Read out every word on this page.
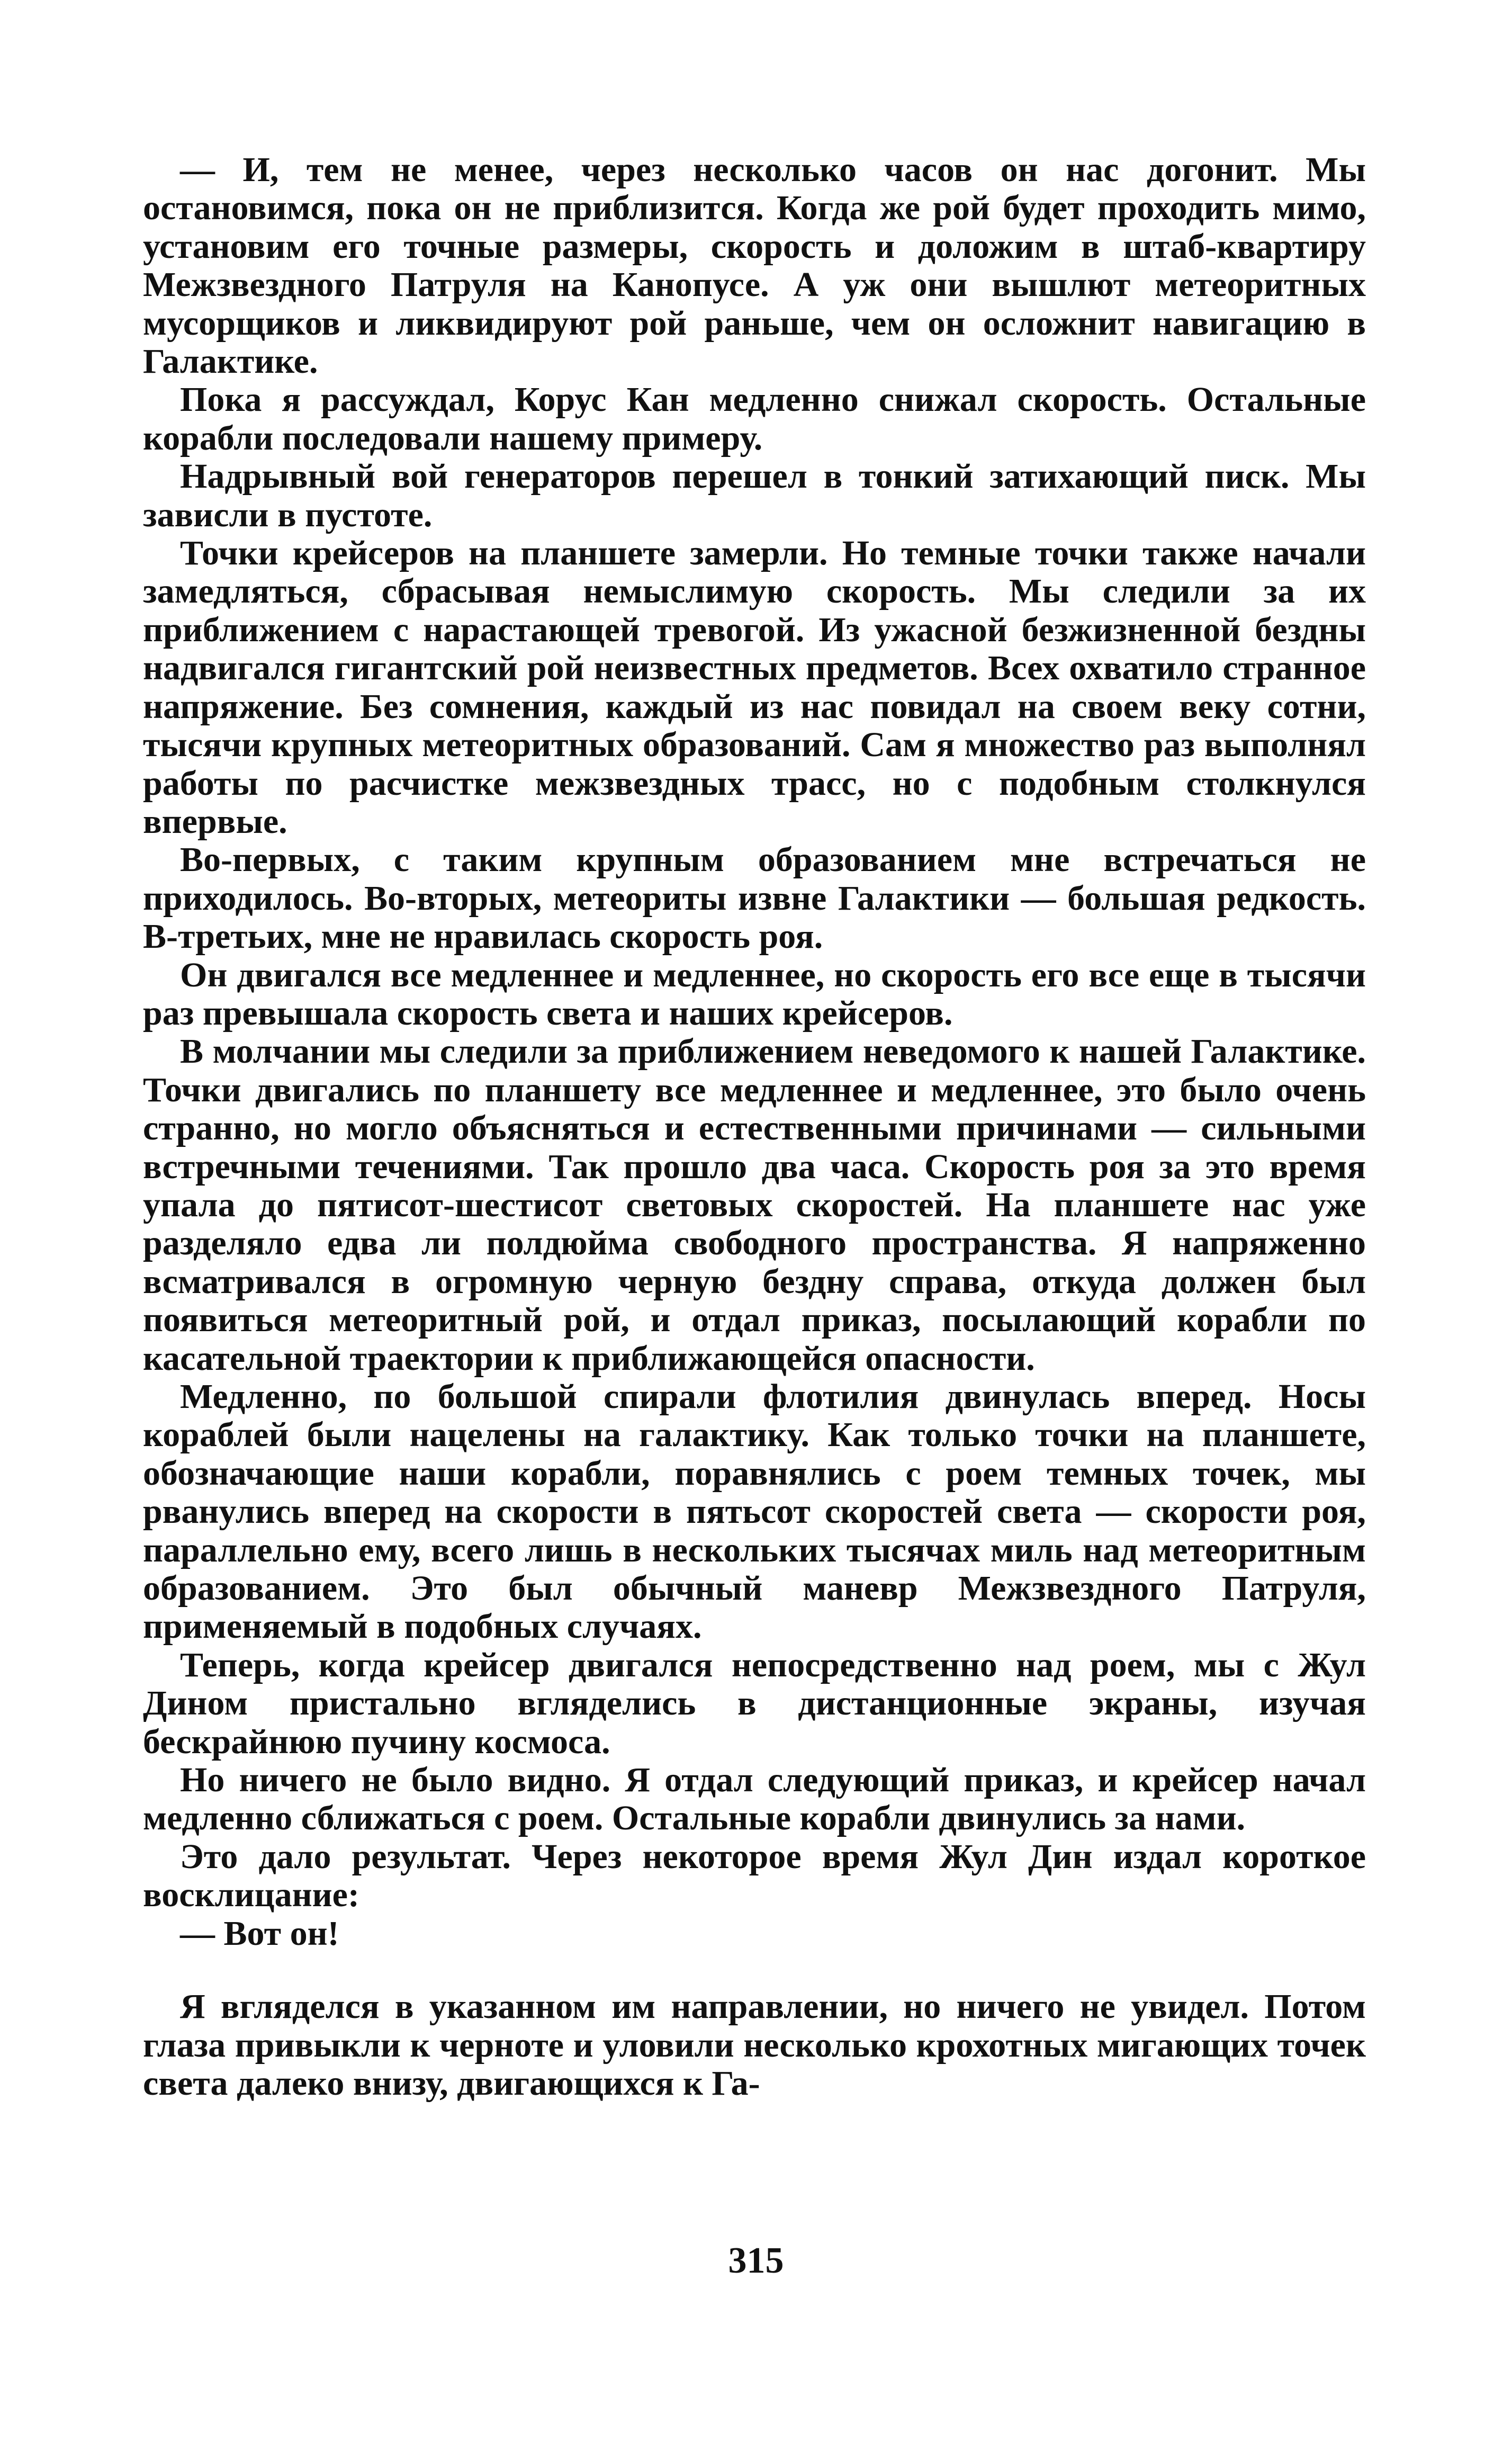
— И, тем не менее, через несколько часов он нас догонит. Мы остановимся, пока он не приблизится. Когда же рой будет проходить мимо, установим его точные размеры, скорость и доложим в штаб-квартиру Межзвездного Патруля на Канопусе. А уж они вышлют метеоритных мусорщиков и ликвидируют рой раньше, чем он осложнит навигацию в Галактике.

Пока я рассуждал, Корус Кан медленно снижал скорость. Остальные корабли последовали нашему примеру.

Надрывный вой генераторов перешел в тонкий затихающий писк. Мы зависли в пустоте.

Точки крейсеров на планшете замерли. Но темные точки также начали замедляться, сбрасывая немыслимую скорость. Мы следили за их приближением с нарастающей тревогой. Из ужасной безжизненной бездны надвигался гигантский рой неизвестных предметов. Всех охватило странное напряжение. Без сомнения, каждый из нас повидал на своем веку сотни, тысячи крупных метеоритных образований. Сам я множество раз выполнял работы по расчистке межзвездных трасс, но с подобным столкнулся впервые.

Во-первых, с таким крупным образованием мне встречаться не приходилось. Во-вторых, метеориты извне Галактики — большая редкость. В-третьих, мне не нравилась скорость роя.

Он двигался все медленнее и медленнее, но скорость его все еще в тысячи раз превышала скорость света и наших крейсеров.

В молчании мы следили за приближением неведомого к нашей Галактике. Точки двигались по планшету все медленнее и медленнее, это было очень странно, но могло объясняться и естественными причинами — сильными встречными течениями. Так прошло два часа. Скорость роя за это время упала до пятисот-шестисот световых скоростей. На планшете нас уже разделяло едва ли полдюйма свободного пространства. Я напряженно всматривался в огромную черную бездну справа, откуда должен был появиться метеоритный рой, и отдал приказ, посылающий корабли по касательной траектории к приближающейся опасности.

Медленно, по большой спирали флотилия двинулась вперед. Носы кораблей были нацелены на галактику. Как только точки на планшете, обозначающие наши корабли, поравнялись с роем темных точек, мы рванулись вперед на скорости в пятьсот скоростей света — скорости роя, параллельно ему, всего лишь в нескольких тысячах миль над метеоритным образованием. Это был обычный маневр Межзвездного Патруля, применяемый в подобных случаях.

Теперь, когда крейсер двигался непосредственно над роем, мы с Жул Дином пристально вгляделись в дистанционные экраны, изучая бескрайнюю пучину космоса.

Но ничего не было видно. Я отдал следующий приказ, и крейсер начал медленно сближаться с роем. Остальные корабли двинулись за нами.

Это дало результат. Через некоторое время Жул Дин издал короткое восклицание:

— Вот он!

Я вгляделся в указанном им направлении, но ничего не увидел. Потом глаза привыкли к черноте и уловили несколько крохотных мигающих точек света далеко внизу, двигающихся к Га-

315
